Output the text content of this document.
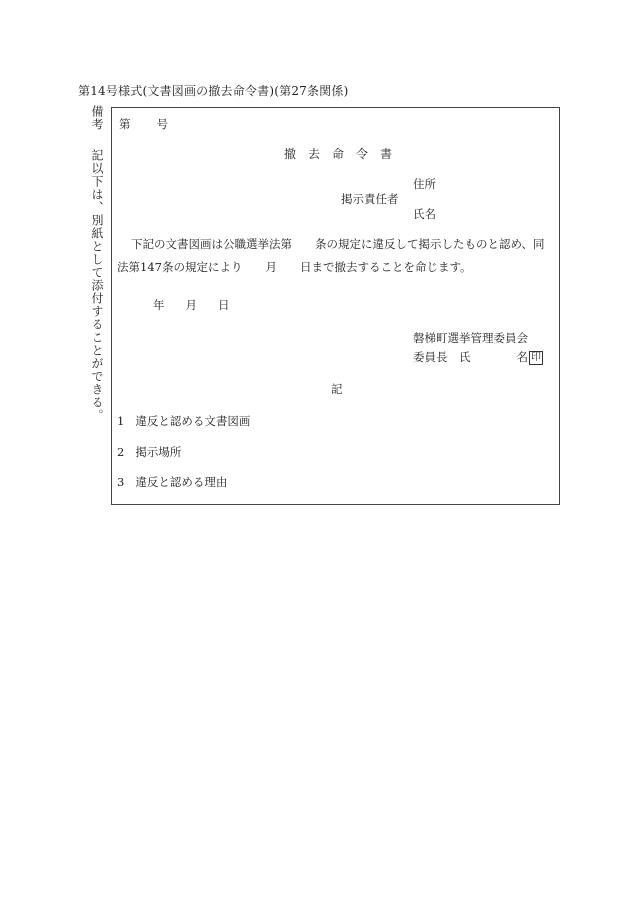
第14号様式(文書図画の撤去命令書)(第27条関係)
備考　 記以下は、別紙として添付することができる。 第 号
撤　去　命　令　書
住所
掲示責任者
氏名
下記の文書図画は公職選挙法第　　条の規定に違反して掲示したものと認め、同
法第147条の規定により　　月　　日まで撤去することを命じます。
年 月 日
磐梯町選挙管理委員会
委員長　氏	名 印
記
1 違反と認める文書図画
2 掲示場所
3 違反と認める理由
